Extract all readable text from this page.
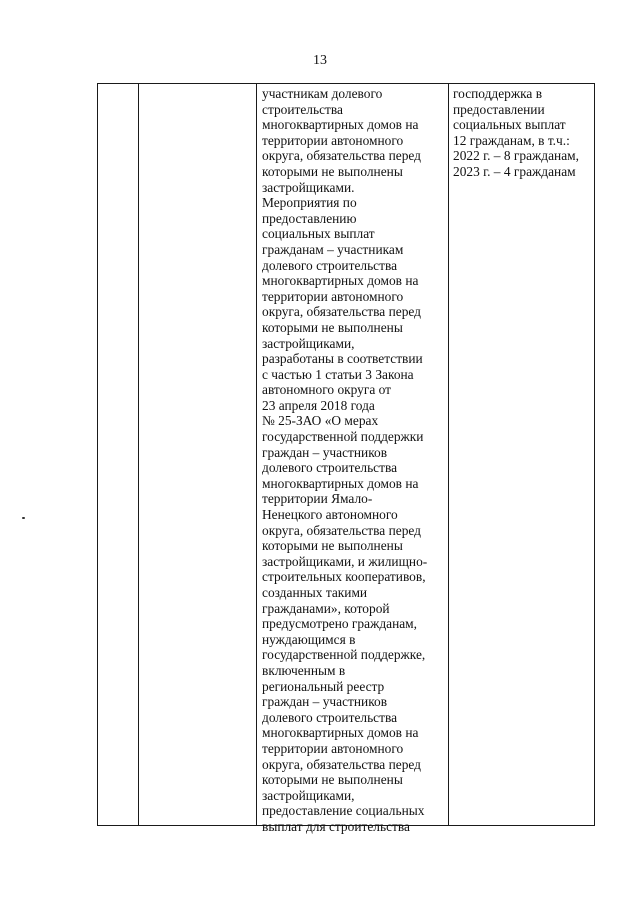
13
участникам долевого
строительства
многоквартирных домов на
территории автономного
округа, обязательства перед
которыми не выполнены
застройщиками.
Мероприятия по
предоставлению
социальных выплат
гражданам – участникам
долевого строительства
многоквартирных домов на
территории автономного
округа, обязательства перед
которыми не выполнены
застройщиками,
разработаны в соответствии
с частью 1 статьи 3 Закона
автономного округа от
23 апреля 2018 года
№ 25-ЗАО «О мерах
государственной поддержки
граждан – участников
долевого строительства
многоквартирных домов на
территории Ямало-
Ненецкого автономного
округа, обязательства перед
которыми не выполнены
застройщиками, и жилищно-
строительных кооперативов,
созданных такими
гражданами», которой
предусмотрено гражданам,
нуждающимся в
государственной поддержке,
включенным в
региональный реестр
граждан – участников
долевого строительства
многоквартирных домов на
территории автономного
округа, обязательства перед
которыми не выполнены
застройщиками,
предоставление социальных
выплат для строительства
господдержка в
предоставлении
социальных выплат
12 гражданам, в т.ч.:
2022 г. – 8 гражданам,
2023 г. – 4 гражданам
